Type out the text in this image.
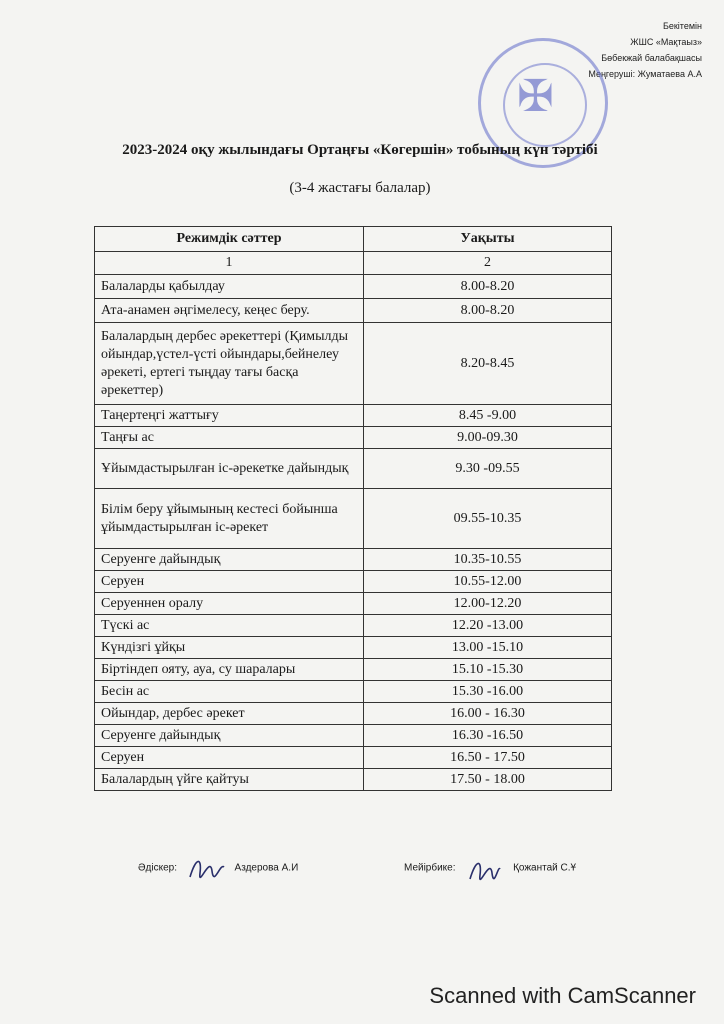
Бекітемін
ЖШС «Мақтаыз»
Бөбекжай балабақшасы
Меңгеруші: Жуматаева А.А
✠
2023-2024 оқу жылындағы Ортаңғы «Көгершін» тобының күн тәртібі
(3-4 жастағы балалар)
Режимдік сәттер	Уақыты
1	2
Балаларды қабылдау	8.00-8.20
Ата-анамен әңгімелесу, кеңес беру.	8.00-8.20
Балалардың дербес әрекеттері (Қимылды ойындар,үстел-үсті ойындары,бейнелеу әрекеті, ертегі тыңдау тағы басқа әрекеттер)	8.20-8.45
Таңертеңгі жаттығу	8.45 -9.00
Таңғы ас	9.00-09.30
Ұйымдастырылған іс-әрекетке дайындық	9.30 -09.55
Білім беру ұйымының кестесі бойынша ұйымдастырылған іс-әрекет	09.55-10.35
Серуенге дайындық	10.35-10.55
Серуен	10.55-12.00
Серуеннен оралу	12.00-12.20
Түскі ас	12.20 -13.00
Күндізгі ұйқы	13.00 -15.10
Біртіндеп ояту, ауа, су шаралары	15.10 -15.30
Бесін ас	15.30 -16.00
Ойындар, дербес әрекет	16.00 - 16.30
Серуенге дайындық	16.30 -16.50
Серуен	16.50 - 17.50
Балалардың үйге қайтуы	17.50 - 18.00
Әдіскер:	Аздерова А.И	Мейірбике:	Қожантай С.Ұ
Scanned with CamScanner
